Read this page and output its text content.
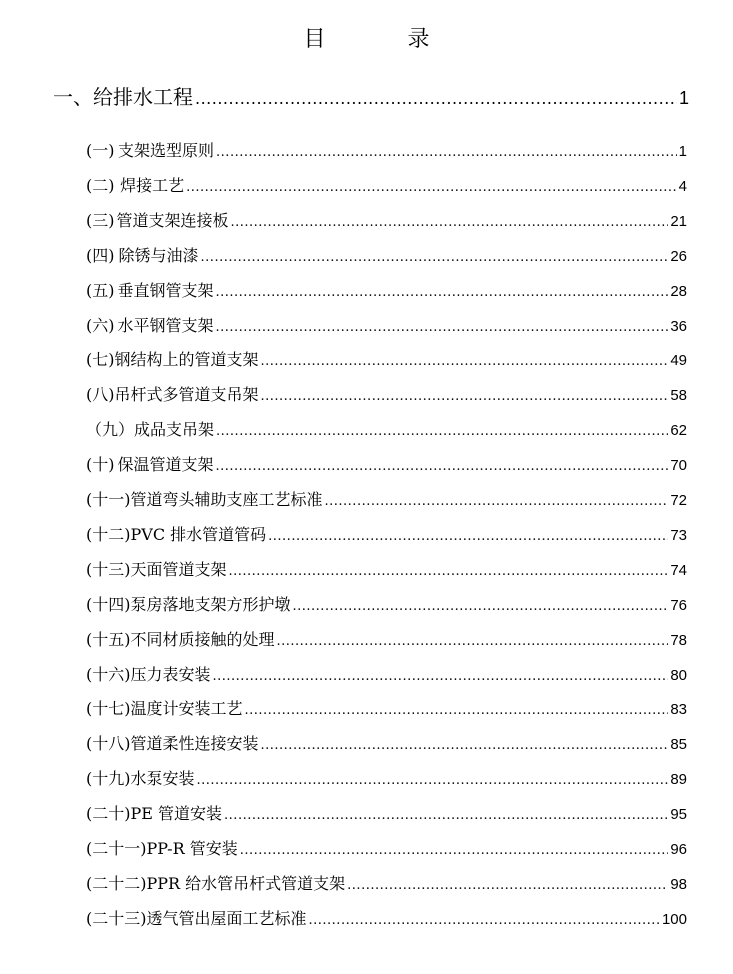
目　录
一、给排水工程 .....	1
(一) 支架选型原则 .....	1
(二) 焊接工艺 .....	4
(三) 管道支架连接板 .....	21
(四) 除锈与油漆 .....	26
(五) 垂直钢管支架 .....	28
(六) 水平钢管支架 .....	36
(七) 钢结构上的管道支架 .....	49
(八) 吊杆式多管道支吊架 .....	58
（九） 成品支吊架 .....	62
(十) 保温管道支架 .....	70
(十一) 管道弯头辅助支座工艺标准 .....	72
(十二) PVC 排水管道管码 .....	73
(十三) 天面管道支架 .....	74
(十四) 泵房落地支架方形护墩 .....	76
(十五) 不同材质接触的处理 .....	78
(十六) 压力表安装 .....	80
(十七) 温度计安装工艺 .....	83
(十八) 管道柔性连接安装 .....	85
(十九) 水泵安装 .....	89
(二十) PE 管道安装 .....	95
(二十一) PP-R 管安装 .....	96
(二十二) PPR 给水管吊杆式管道支架 .....	98
(二十三) 透气管出屋面工艺标准 .....	100
